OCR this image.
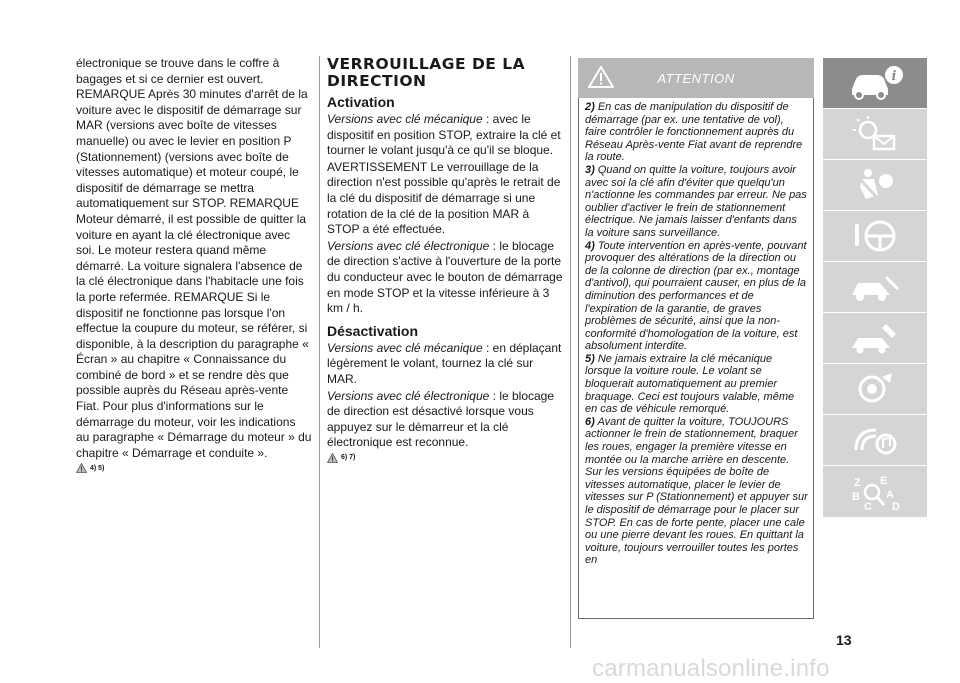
électronique se trouve dans le coffre à bagages et si ce dernier est ouvert. REMARQUE Après 30 minutes d'arrêt de la voiture avec le dispositif de démarrage sur MAR (versions avec boîte de vitesses manuelle) ou avec le levier en position P (Stationnement) (versions avec boîte de vitesses automatique) et moteur coupé, le dispositif de démarrage se mettra automatiquement sur STOP. REMARQUE Moteur démarré, il est possible de quitter la voiture en ayant la clé électronique avec soi. Le moteur restera quand même démarré. La voiture signalera l'absence de la clé électronique dans l'habitacle une fois la porte refermée. REMARQUE Si le dispositif ne fonctionne pas lorsque l'on effectue la coupure du moteur, se référer, si disponible, à la description du paragraphe « Écran » au chapitre « Connaissance du combiné de bord » et se rendre dès que possible auprès du Réseau après-vente Fiat. Pour plus d'informations sur le démarrage du moteur, voir les indications au paragraphe « Démarrage du moteur » du chapitre « Démarrage et conduite ».

4) 5)
VERROUILLAGE DE LA DIRECTION
Activation

Versions avec clé mécanique : avec le dispositif en position STOP, extraire la clé et tourner le volant jusqu'à ce qu'il se bloque.

AVERTISSEMENT Le verrouillage de la direction n'est possible qu'après le retrait de la clé du dispositif de démarrage si une rotation de la clé de la position MAR à STOP a été effectuée.

Versions avec clé électronique : le blocage de direction s'active à l'ouverture de la porte du conducteur avec le bouton de démarrage en mode STOP et la vitesse inférieure à 3 km / h.

Désactivation

Versions avec clé mécanique : en déplaçant légèrement le volant, tournez la clé sur MAR.

Versions avec clé électronique : le blocage de direction est désactivé lorsque vous appuyez sur le démarreur et la clé électronique est reconnue.

6) 7)
ATTENTION

2) En cas de manipulation du dispositif de démarrage (par ex. une tentative de vol), faire contrôler le fonctionnement auprès du Réseau Après-vente Fiat avant de reprendre la route.

3) Quand on quitte la voiture, toujours avoir avec soi la clé afin d'éviter que quelqu'un n'actionne les commandes par erreur. Ne pas oublier d'activer le frein de stationnement électrique. Ne jamais laisser d'enfants dans la voiture sans surveillance.

4) Toute intervention en après-vente, pouvant provoquer des altérations de la direction ou de la colonne de direction (par ex., montage d'antivol), qui pourraient causer, en plus de la diminution des performances et de l'expiration de la garantie, de graves problèmes de sécurité, ainsi que la non-conformité d'homologation de la voiture, est absolument interdite.

5) Ne jamais extraire la clé mécanique lorsque la voiture roule. Le volant se bloquerait automatiquement au premier braquage. Ceci est toujours valable, même en cas de véhicule remorqué.

6) Avant de quitter la voiture, TOUJOURS actionner le frein de stationnement, braquer les roues, engager la première vitesse en montée ou la marche arrière en descente. Sur les versions équipées de boîte de vitesses automatique, placer le levier de vitesses sur P (Stationnement) et appuyer sur le dispositif de démarrage pour le placer sur STOP. En cas de forte pente, placer une cale ou une pierre devant les roues. En quittant la voiture, toujours verrouiller toutes les portes en

i
Z E
B A
C D
13
carmanualsonline.info
